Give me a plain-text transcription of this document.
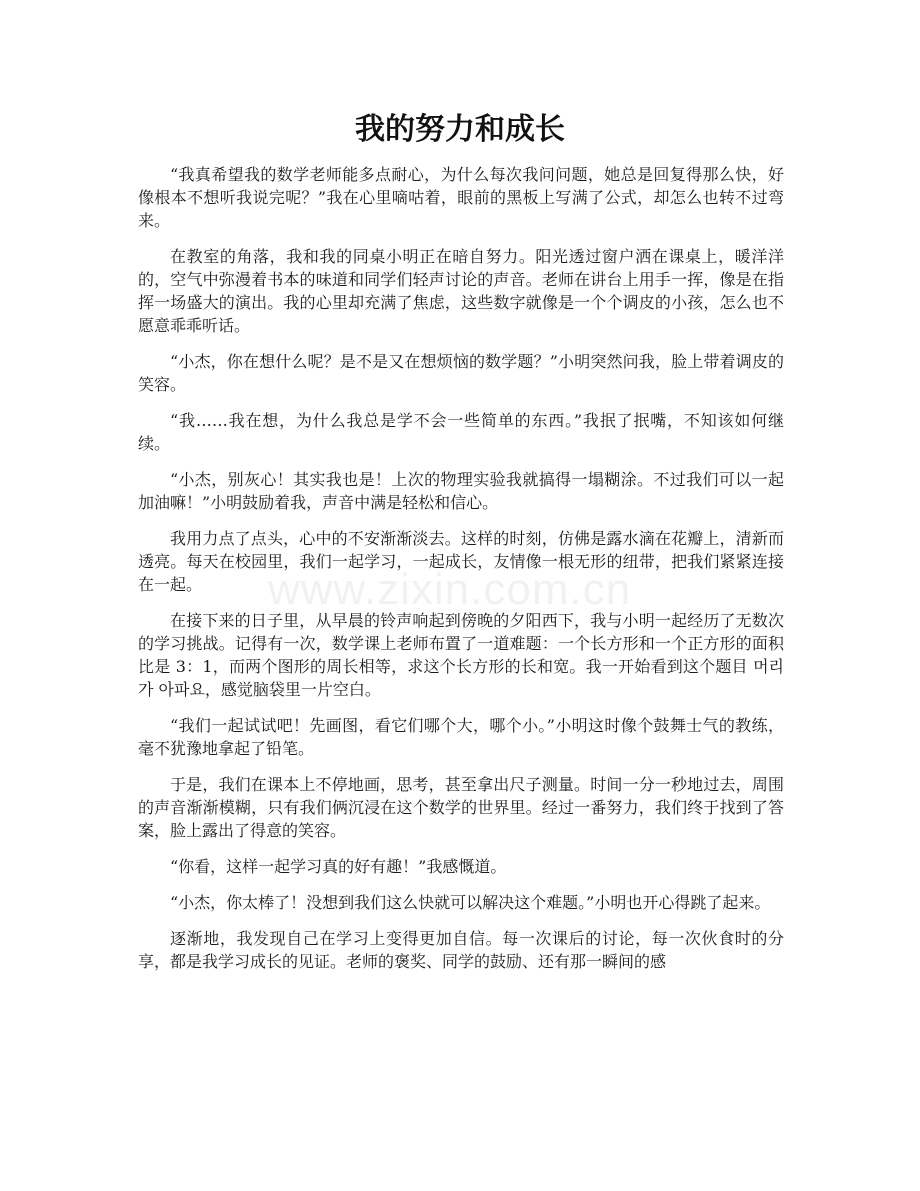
www.zixin.com.cn
我的努力和成长

“我真希望我的数学老师能多点耐心，为什么每次我问问题，她总是回复得那么快，好像根本不想听我说完呢？”我在心里嘀咕着，眼前的黑板上写满了公式，却怎么也转不过弯来。

在教室的角落，我和我的同桌小明正在暗自努力。阳光透过窗户洒在课桌上，暖洋洋的，空气中弥漫着书本的味道和同学们轻声讨论的声音。老师在讲台上用手一挥，像是在指挥一场盛大的演出。我的心里却充满了焦虑，这些数字就像是一个个调皮的小孩，怎么也不愿意乖乖听话。

“小杰，你在想什么呢？是不是又在想烦恼的数学题？”小明突然问我，脸上带着调皮的笑容。

“我……我在想，为什么我总是学不会一些简单的东西。”我抿了抿嘴，不知该如何继续。

“小杰，别灰心！其实我也是！上次的物理实验我就搞得一塌糊涂。不过我们可以一起加油嘛！”小明鼓励着我，声音中满是轻松和信心。

我用力点了点头，心中的不安渐渐淡去。这样的时刻，仿佛是露水滴在花瓣上，清新而透亮。每天在校园里，我们一起学习，一起成长，友情像一根无形的纽带，把我们紧紧连接在一起。

在接下来的日子里，从早晨的铃声响起到傍晚的夕阳西下，我与小明一起经历了无数次的学习挑战。记得有一次，数学课上老师布置了一道难题：一个长方形和一个正方形的面积比是 3：1，而两个图形的周长相等，求这个长方形的长和宽。我一开始看到这个题目 머리가 아파요，感觉脑袋里一片空白。

“我们一起试试吧！先画图，看它们哪个大，哪个小。”小明这时像个鼓舞士气的教练，毫不犹豫地拿起了铅笔。

于是，我们在课本上不停地画，思考，甚至拿出尺子测量。时间一分一秒地过去，周围的声音渐渐模糊，只有我们俩沉浸在这个数学的世界里。经过一番努力，我们终于找到了答案，脸上露出了得意的笑容。

“你看，这样一起学习真的好有趣！”我感慨道。

“小杰，你太棒了！没想到我们这么快就可以解决这个难题。”小明也开心得跳了起来。

逐渐地，我发现自己在学习上变得更加自信。每一次课后的讨论，每一次伙食时的分享，都是我学习成长的见证。老师的褒奖、同学的鼓励、还有那一瞬间的感
